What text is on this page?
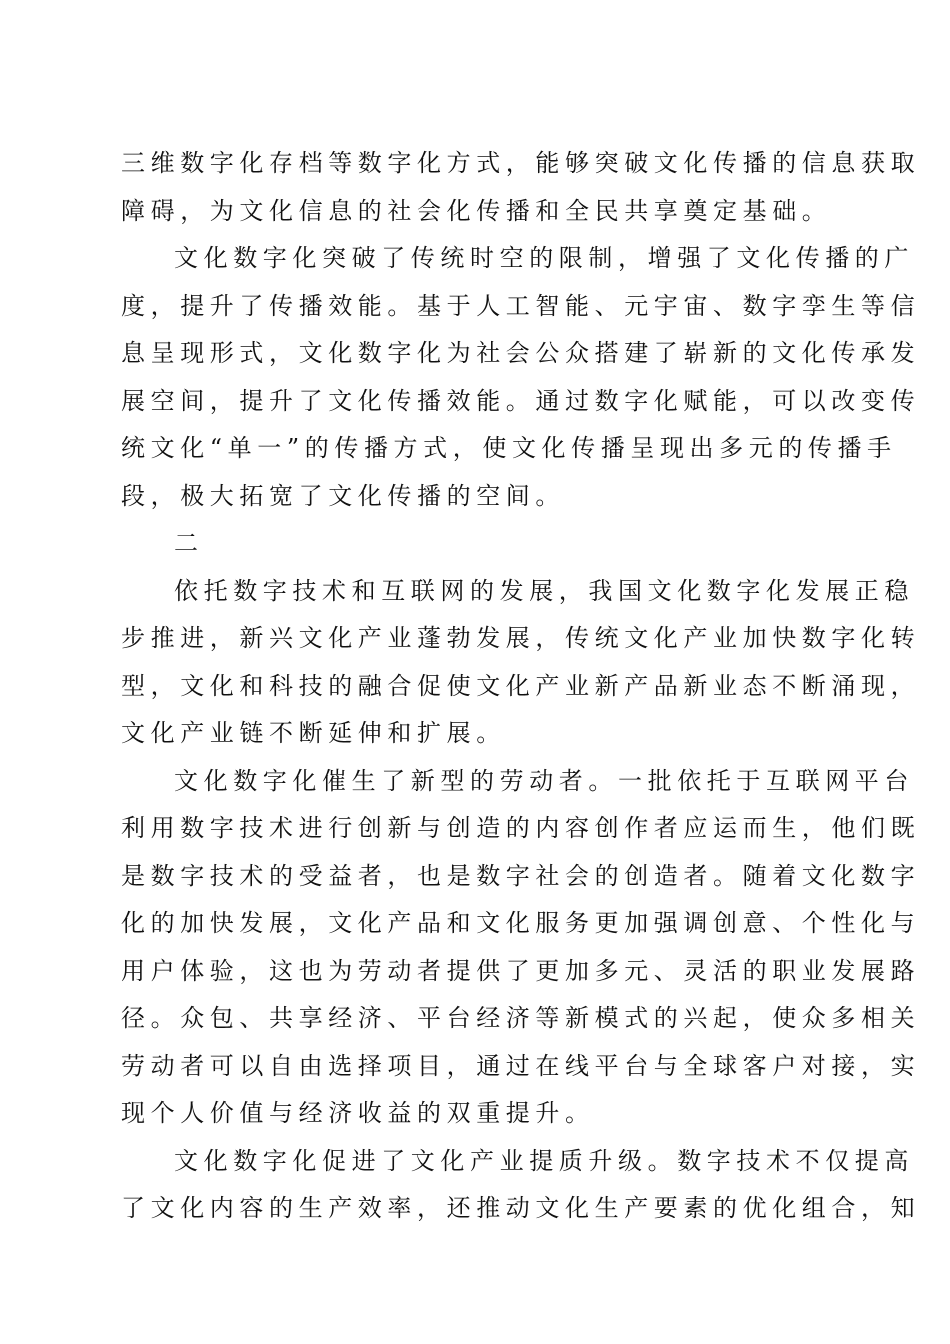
三维数字化存档等数字化方式，能够突破文化传播的信息获取
障碍，为文化信息的社会化传播和全民共享奠定基础。
文化数字化突破了传统时空的限制，增强了文化传播的广
度，提升了传播效能。基于人工智能、元宇宙、数字孪生等信
息呈现形式，文化数字化为社会公众搭建了崭新的文化传承发
展空间，提升了文化传播效能。通过数字化赋能，可以改变传
统文化“单一”的传播方式，使文化传播呈现出多元的传播手
段，极大拓宽了文化传播的空间。
二
依托数字技术和互联网的发展，我国文化数字化发展正稳
步推进，新兴文化产业蓬勃发展，传统文化产业加快数字化转
型，文化和科技的融合促使文化产业新产品新业态不断涌现，
文化产业链不断延伸和扩展。
文化数字化催生了新型的劳动者。一批依托于互联网平台
利用数字技术进行创新与创造的内容创作者应运而生，他们既
是数字技术的受益者，也是数字社会的创造者。随着文化数字
化的加快发展，文化产品和文化服务更加强调创意、个性化与
用户体验，这也为劳动者提供了更加多元、灵活的职业发展路
径。众包、共享经济、平台经济等新模式的兴起，使众多相关
劳动者可以自由选择项目，通过在线平台与全球客户对接，实
现个人价值与经济收益的双重提升。
文化数字化促进了文化产业提质升级。数字技术不仅提高
了文化内容的生产效率，还推动文化生产要素的优化组合，知
